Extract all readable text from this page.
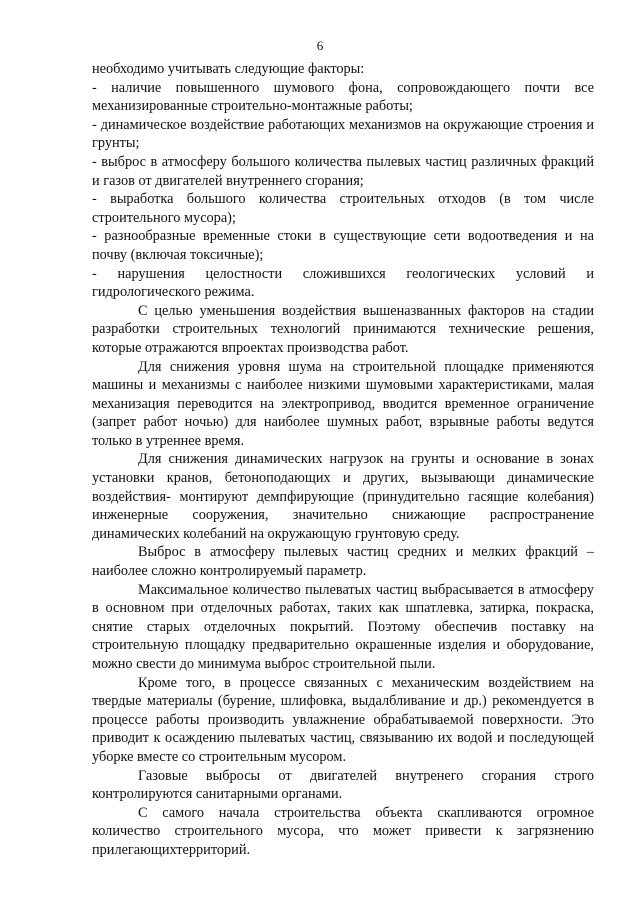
6

необходимо учитывать следующие факторы:

- наличие повышенного шумового фона, сопровождающего почти все механизированные строительно-монтажные работы;

- динамическое воздействие работающих механизмов на окружающие строения и грунты;

- выброс в атмосферу большого количества пылевых частиц различных фракций и газов от двигателей внутреннего сгорания;

- выработка большого количества строительных отходов (в том числе строительного мусора);

- разнообразные временные стоки в существующие сети водоотведения и на почву (включая токсичные);

- нарушения целостности сложившихся геологических условий и гидрологического режима.

С целью уменьшения воздействия вышеназванных факторов на стадии разработки строительных технологий принимаются технические решения, которые отражаются впроектах производства работ.

Для снижения уровня шума на строительной площадке применяются машины и механизмы с наиболее низкими шумовыми характеристиками, малая механизация переводится на электропривод, вводится временное ограничение (запрет работ ночью) для наиболее шумных работ, взрывные работы ведутся только в утреннее время.

Для снижения динамических нагрузок на грунты и основание в зонах установки кранов, бетоноподающих и других, вызывающи динамические воздействия- монтируют демпфирующие (принудительно гасящие колебания) инженерные сооружения, значительно снижающие распространение динамических колебаний на окружающую грунтовую среду.

Выброс в атмосферу пылевых частиц средних и мелких фракций – наиболее сложно контролируемый параметр.

Максимальное количество пылеватых частиц выбрасывается в атмосферу в основном при отделочных работах, таких как шпатлевка, затирка, покраска, снятие старых отделочных покрытий. Поэтому обеспечив поставку на строительную площадку предварительно окрашенные изделия и оборудование, можно свести до минимума выброс строительной пыли.

Кроме того, в процессе связанных с механическим воздействием на твердые материалы (бурение, шлифовка, выдалбливание и др.) рекомендуется в процессе работы производить увлажнение обрабатываемой поверхности. Это приводит к осаждению пылеватых частиц, связыванию их водой и последующей уборке вместе со строительным мусором.

Газовые выбросы от двигателей внутренего сгорания строго контролируются санитарными органами.

С самого начала строительства объекта скапливаются огромное количество строительного мусора, что может привести к загрязнению прилегающихтерриторий.
